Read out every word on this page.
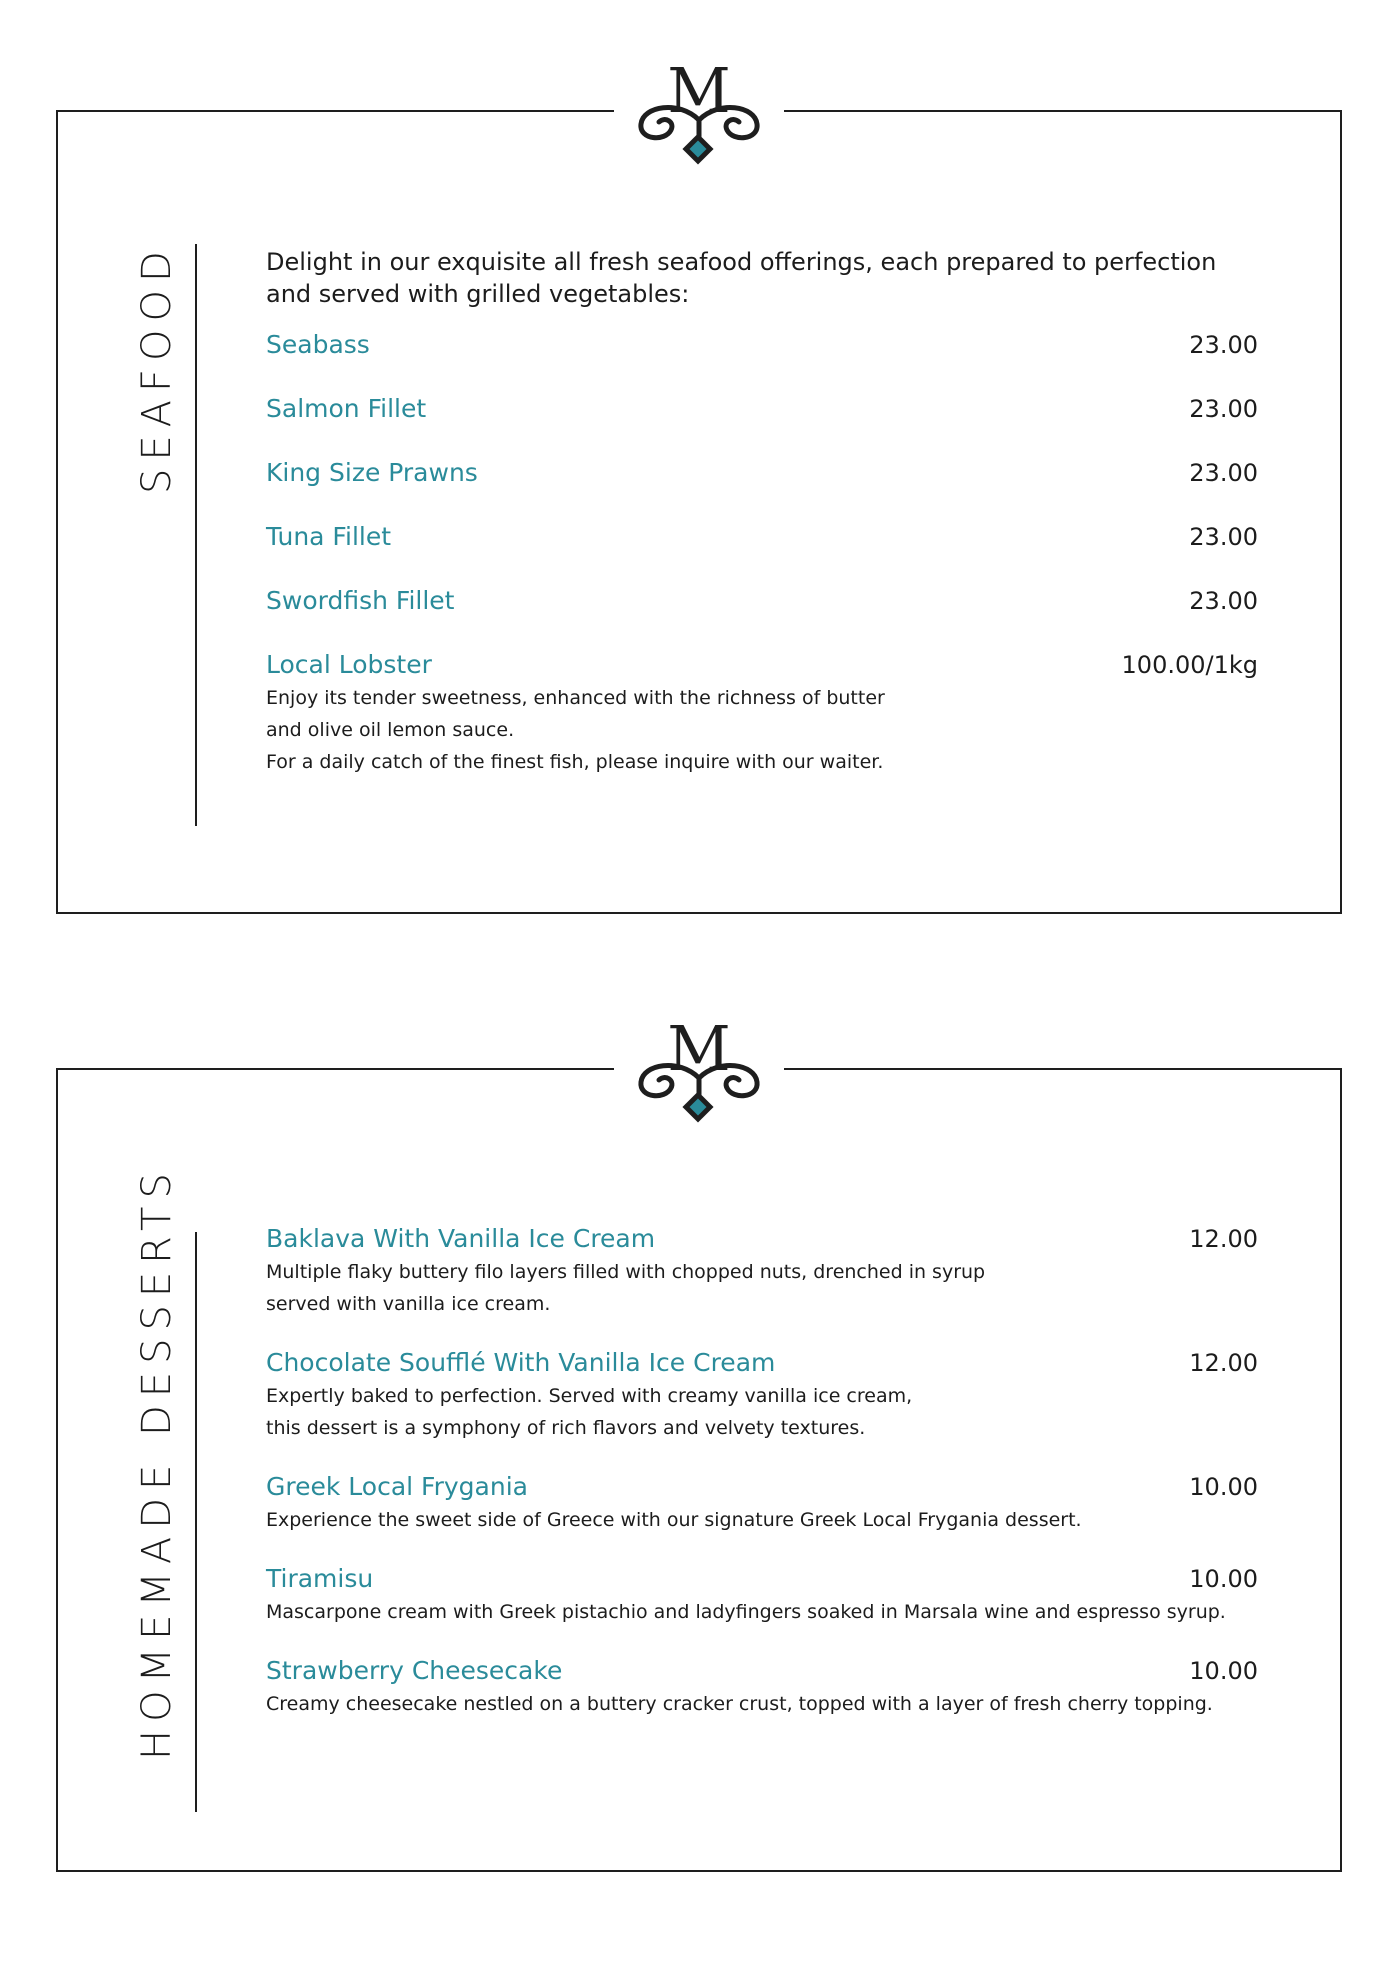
M
SEAFOOD	Delight in our exquisite all fresh seafood offerings, each prepared to perfection
and served with grilled vegetables:

Seabass	23.00
Salmon Fillet	23.00
King Size Prawns	23.00
Tuna Fillet	23.00
Swordfish Fillet	23.00
Local Lobster	100.00/1kg
Enjoy its tender sweetness, enhanced with the richness of butter
and olive oil lemon sauce.
For a daily catch of the finest fish, please inquire with our waiter.
M
HOMEMADE DESSERTS	Baklava With Vanilla Ice Cream	12.00
Multiple flaky buttery filo layers filled with chopped nuts, drenched in syrup
served with vanilla ice cream.
Chocolate Soufflé With Vanilla Ice Cream	12.00
Expertly baked to perfection. Served with creamy vanilla ice cream,
this dessert is a symphony of rich flavors and velvety textures.
Greek Local Frygania	10.00
Experience the sweet side of Greece with our signature Greek Local Frygania dessert.
Tiramisu	10.00
Mascarpone cream with Greek pistachio and ladyfingers soaked in Marsala wine and espresso syrup.
Strawberry Cheesecake	10.00
Creamy cheesecake nestled on a buttery cracker crust, topped with a layer of fresh cherry topping.
